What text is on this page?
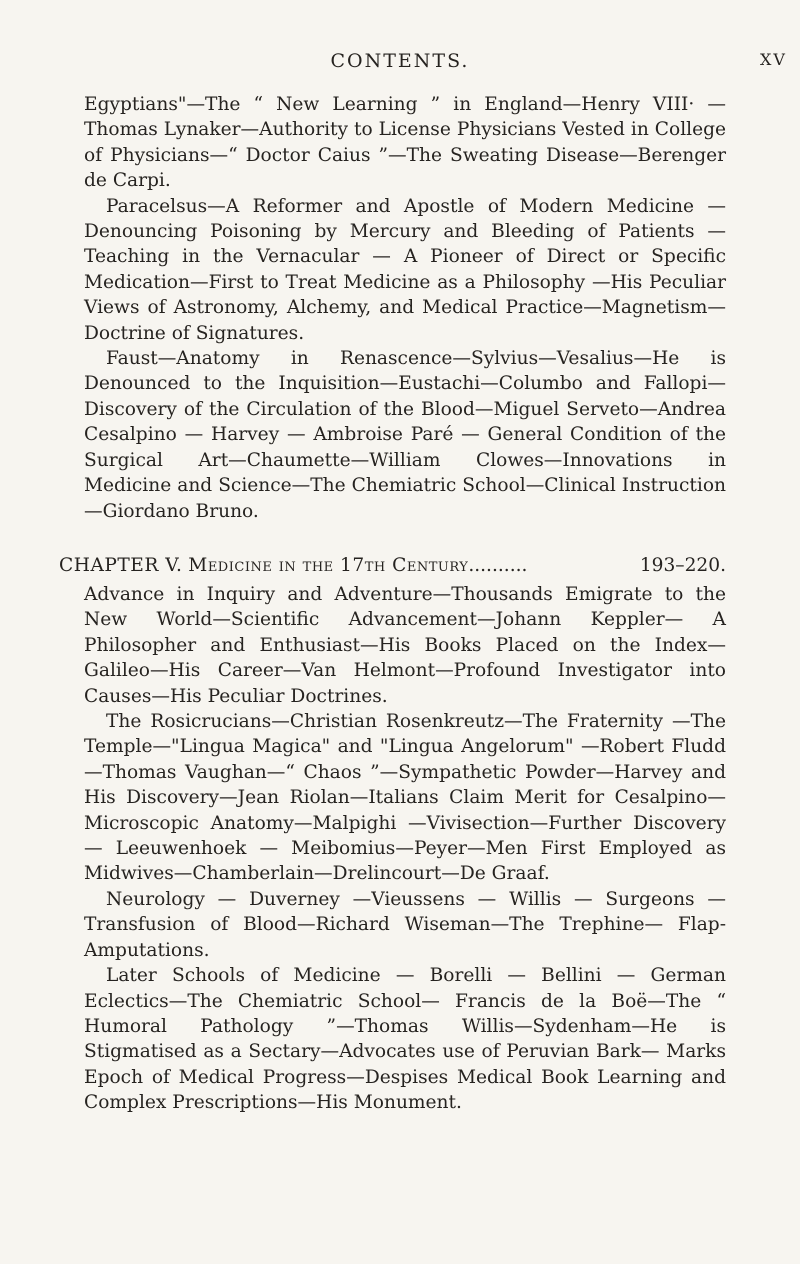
CONTENTS.	XV

Egyptians"—The “ New Learning ” in England—Henry VIII· —Thomas Lynaker—Authority to License Physicians Vested in College of Physicians—“ Doctor Caius ”—The Sweating Disease—Berenger de Carpi.

Paracelsus—A Reformer and Apostle of Modern Medicine —Denouncing Poisoning by Mercury and Bleeding of Patients —Teaching in the Vernacular — A Pioneer of Direct or Specific Medication—First to Treat Medicine as a Philosophy —His Peculiar Views of Astronomy, Alchemy, and Medical Practice—Magnetism—Doctrine of Signatures.

Faust—Anatomy in Renascence—Sylvius—Vesalius—He is Denounced to the Inquisition—Eustachi—Columbo and Fallopi—Discovery of the Circulation of the Blood—Miguel Serveto—Andrea Cesalpino — Harvey — Ambroise Paré — General Condition of the Surgical Art—Chaumette—William Clowes—Innovations in Medicine and Science—The Chemiatric School—Clinical Instruction—Giordano Bruno.

CHAPTER V. Medicine in the 17th Century..........	193–220.

Advance in Inquiry and Adventure—Thousands Emigrate to the New World—Scientific Advancement—Johann Keppler— A Philosopher and Enthusiast—His Books Placed on the Index—Galileo—His Career—Van Helmont—Profound Investigator into Causes—His Peculiar Doctrines.

The Rosicrucians—Christian Rosenkreutz—The Fraternity —The Temple—"Lingua Magica" and "Lingua Angelorum" —Robert Fludd—Thomas Vaughan—“ Chaos ”—Sympathetic Powder—Harvey and His Discovery—Jean Riolan—Italians Claim Merit for Cesalpino—Microscopic Anatomy—Malpighi —Vivisection—Further Discovery — Leeuwenhoek — Meibomius—Peyer—Men First Employed as Midwives—Chamberlain—Drelincourt—De Graaf.

Neurology — Duverney —Vieussens — Willis — Surgeons — Transfusion of Blood—Richard Wiseman—The Trephine— Flap-Amputations.

Later Schools of Medicine — Borelli — Bellini — German Eclectics—The Chemiatric School— Francis de la Boë—The “ Humoral Pathology ”—Thomas Willis—Sydenham—He is Stigmatised as a Sectary—Advocates use of Peruvian Bark— Marks Epoch of Medical Progress—Despises Medical Book Learning and Complex Prescriptions—His Monument.
